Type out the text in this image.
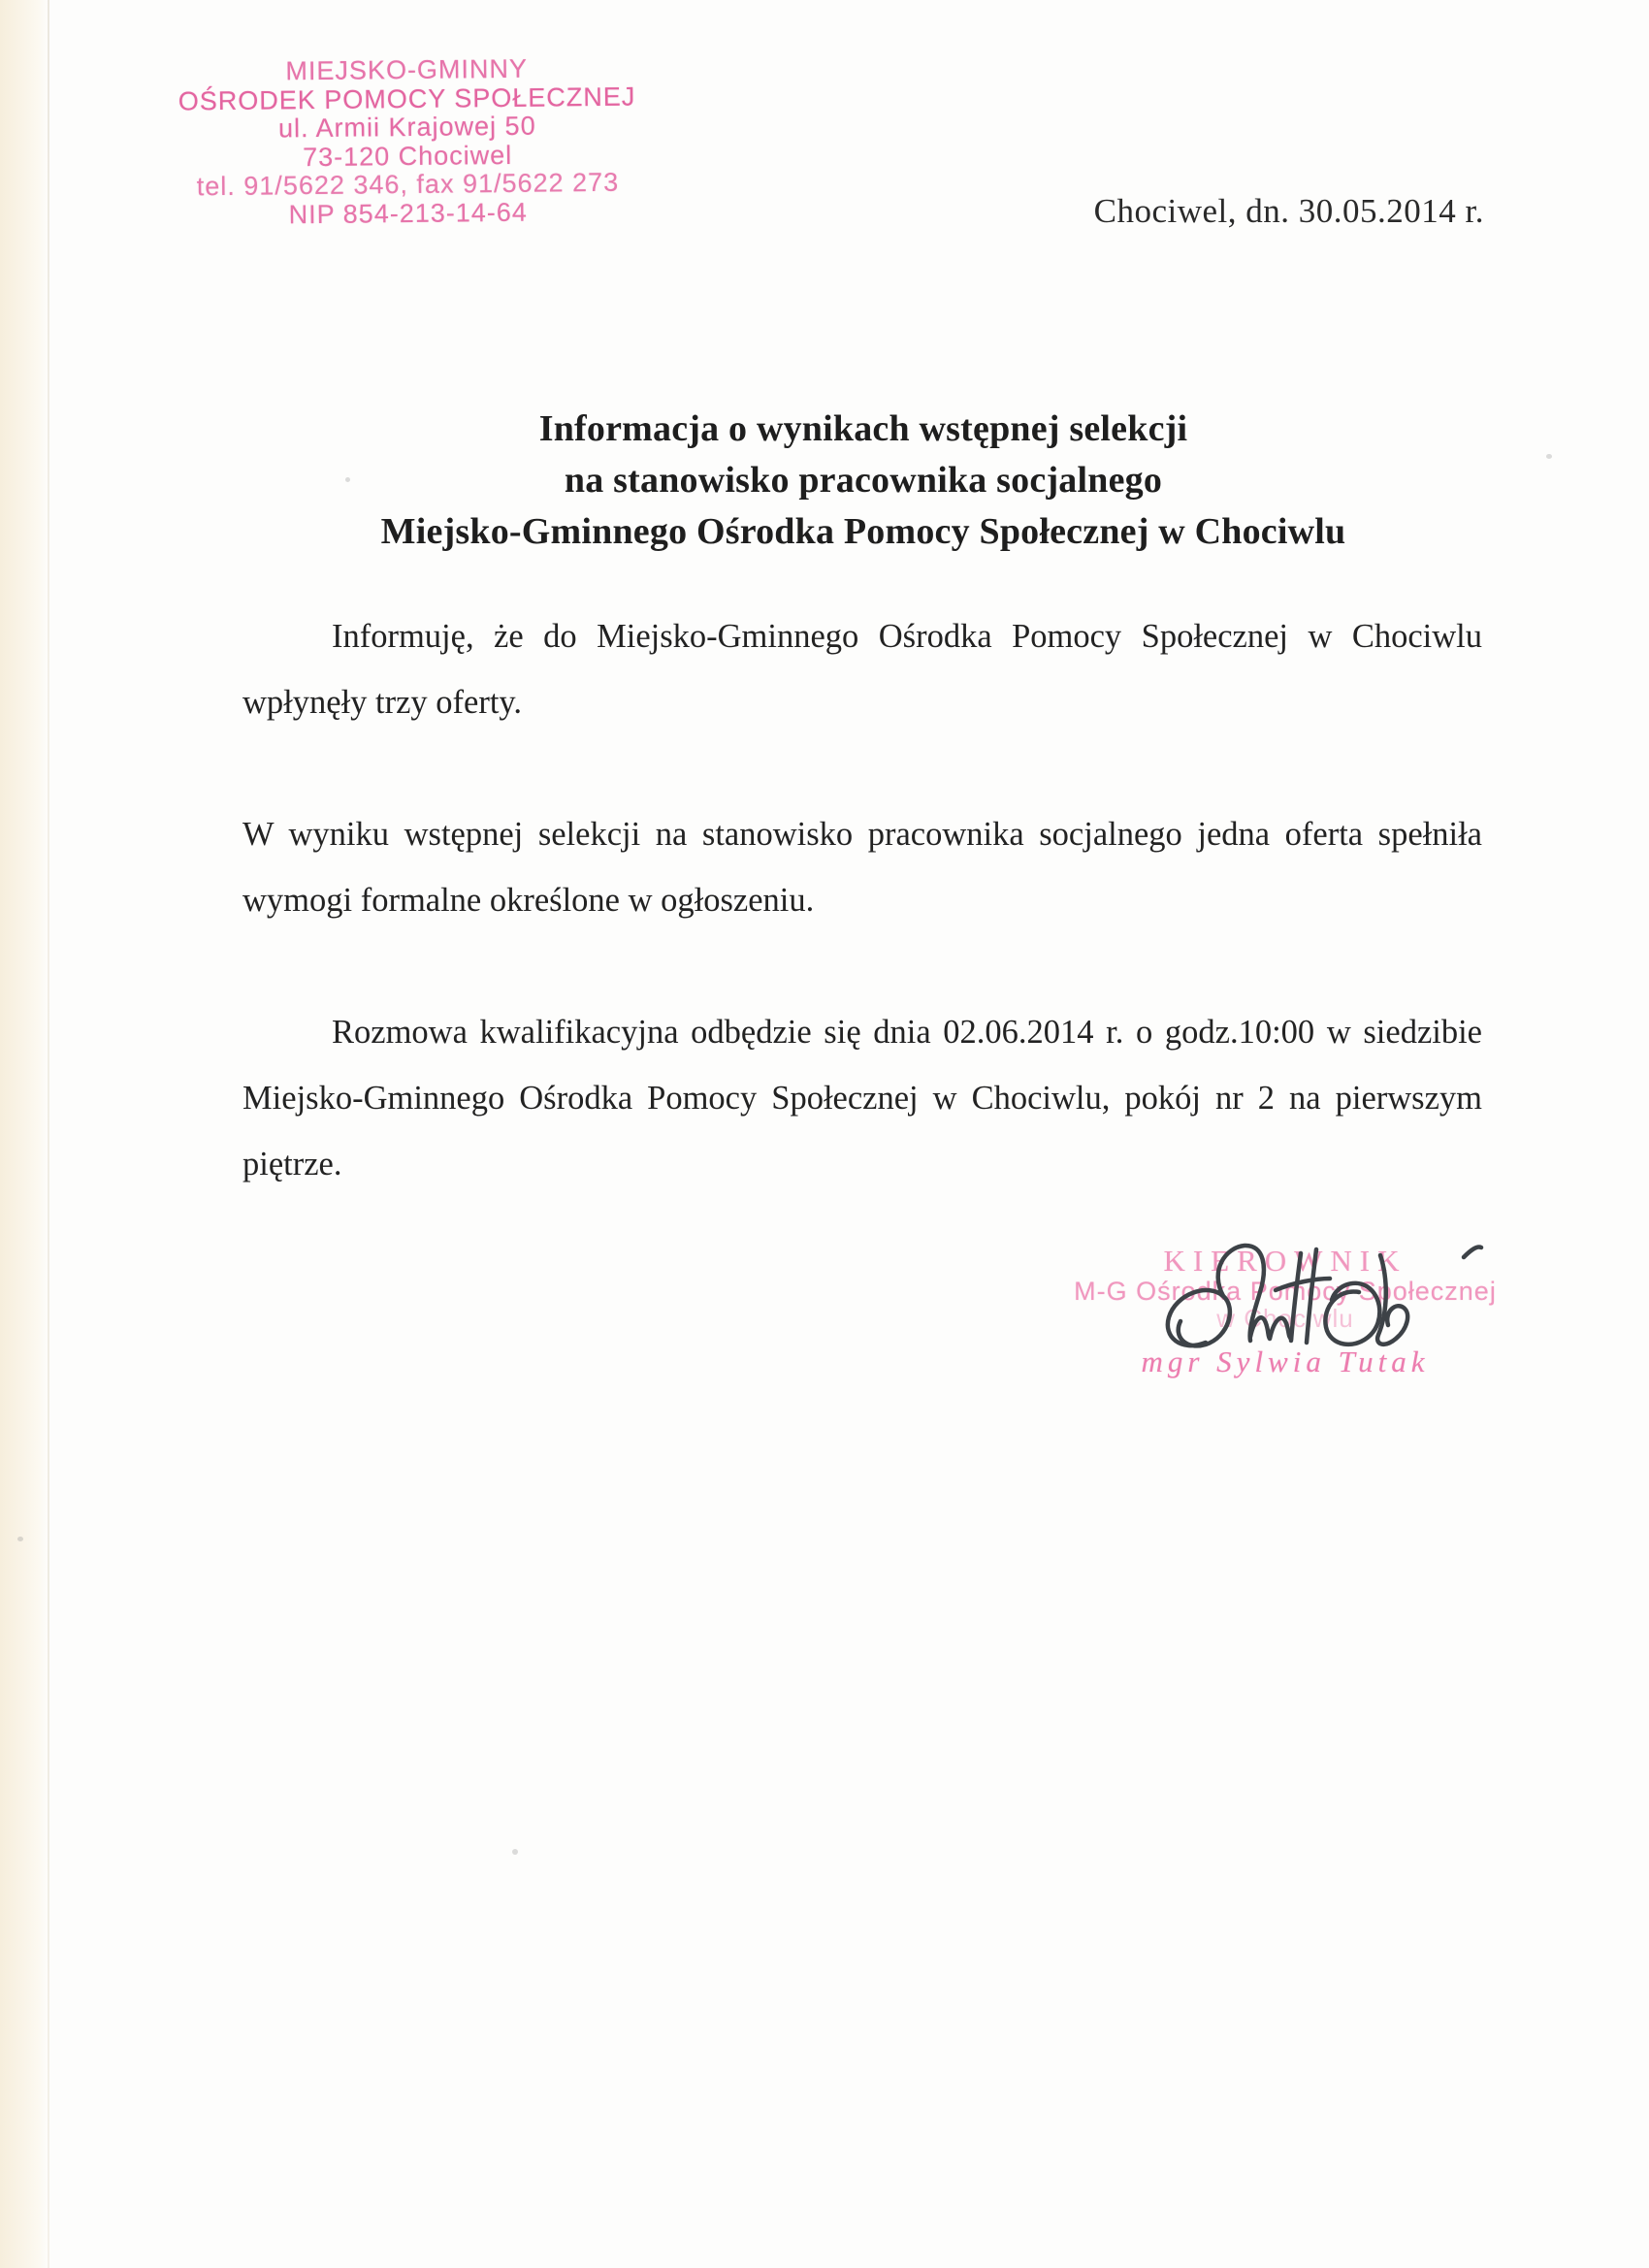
MIEJSKO-GMINNY
OŚRODEK POMOCY SPOŁECZNEJ
ul. Armii Krajowej 50
73-120 Chociwel
tel. 91/5622 346, fax 91/5622 273
NIP 854-213-14-64	Chociwel, dn. 30.05.2014 r.
Informacja o wynikach wstępnej selekcji
na stanowisko pracownika socjalnego
Miejsko-Gminnego Ośrodka Pomocy Społecznej w Chociwlu

Informuję, że do Miejsko-Gminnego Ośrodka Pomocy Społecznej w Chociwlu wpłynęły trzy oferty.

W wyniku wstępnej selekcji na stanowisko pracownika socjalnego jedna oferta spełniła wymogi formalne określone w ogłoszeniu.

Rozmowa kwalifikacyjna odbędzie się dnia 02.06.2014 r. o godz.10:00 w siedzibie Miejsko-Gminnego Ośrodka Pomocy Społecznej w Chociwlu, pokój nr 2 na pierwszym piętrze.

KIEROWNIK
M-G Ośrodka Pomocy Społecznej
w Chociwlu
mgr Sylwia Tutak
